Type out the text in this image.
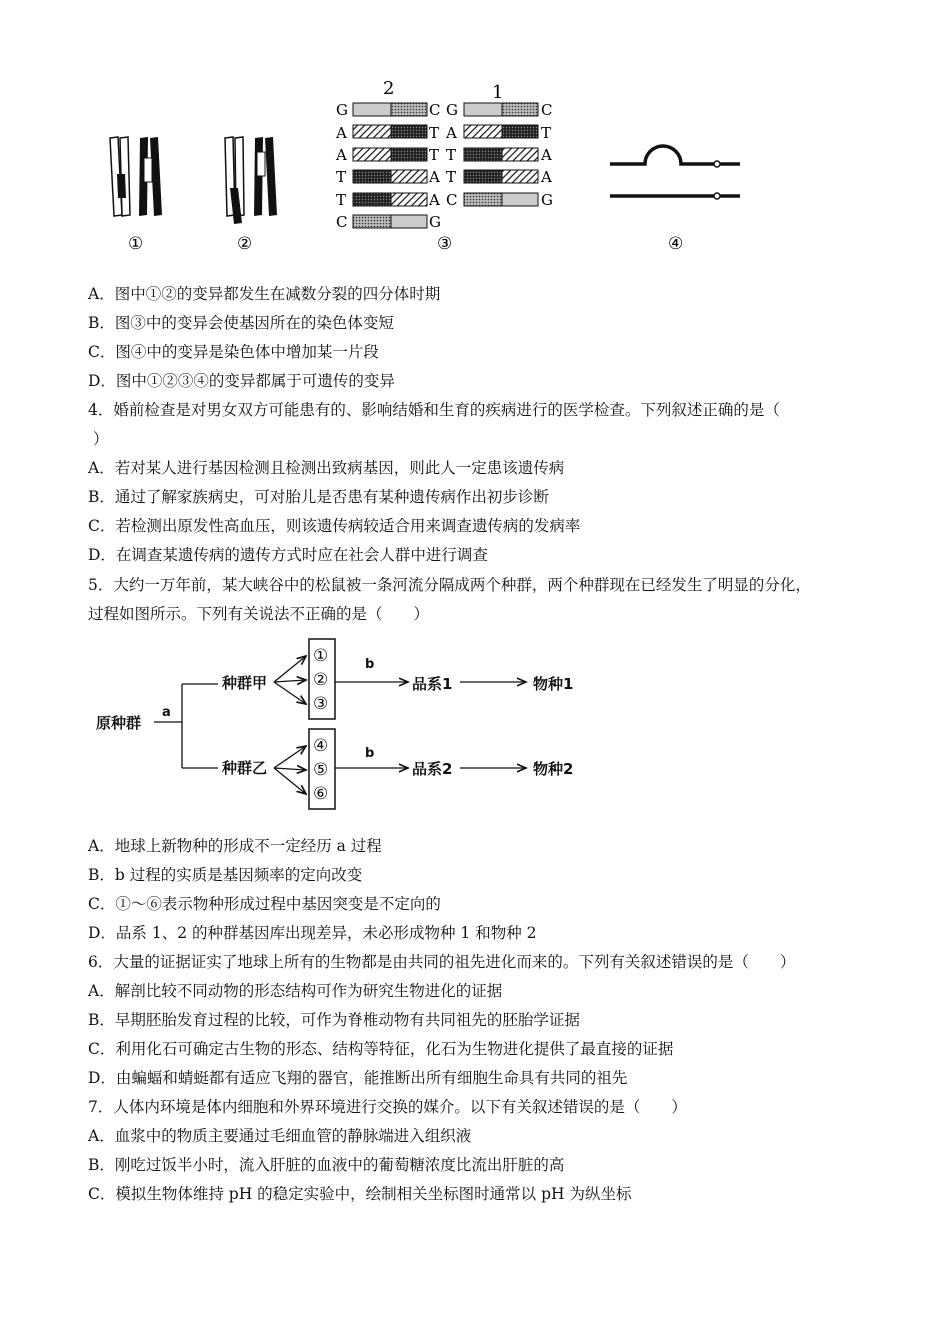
2	1
G
A
A
T
T
C
C
T
T
A
A
G
G
A
T
T
C
C
T
A
A
G
①	②	③	④
A．图中①②的变异都发生在减数分裂的四分体时期
B．图③中的变异会使基因所在的染色体变短
C．图④中的变异是染色体中增加某一片段
D．图中①②③④的变异都属于可遗传的变异
4．婚前检查是对男女双方可能患有的、影响结婚和生育的疾病进行的医学检查。下列叙述正确的是（
）
A．若对某人进行基因检测且检测出致病基因，则此人一定患该遗传病
B．通过了解家族病史，可对胎儿是否患有某种遗传病作出初步诊断
C．若检测出原发性高血压，则该遗传病较适合用来调查遗传病的发病率
D．在调查某遗传病的遗传方式时应在社会人群中进行调查
5．大约一万年前，某大峡谷中的松鼠被一条河流分隔成两个种群，两个种群现在已经发生了明显的分化，
过程如图所示。下列有关说法不正确的是（　　）
原种群
a
种群甲
种群乙
b
b
品系1
品系2
物种1
物种2
①
②
③
④
⑤
⑥
A．地球上新物种的形成不一定经历 a 过程
B．b 过程的实质是基因频率的定向改变
C．①～⑥表示物种形成过程中基因突变是不定向的
D．品系 1、2 的种群基因库出现差异，未必形成物种 1 和物种 2
6．大量的证据证实了地球上所有的生物都是由共同的祖先进化而来的。下列有关叙述错误的是（　　）
A．解剖比较不同动物的形态结构可作为研究生物进化的证据
B．早期胚胎发育过程的比较，可作为脊椎动物有共同祖先的胚胎学证据
C．利用化石可确定古生物的形态、结构等特征，化石为生物进化提供了最直接的证据
D．由蝙蝠和蜻蜓都有适应飞翔的器官，能推断出所有细胞生命具有共同的祖先
7．人体内环境是体内细胞和外界环境进行交换的媒介。以下有关叙述错误的是（　　）
A．血浆中的物质主要通过毛细血管的静脉端进入组织液
B．刚吃过饭半小时，流入肝脏的血液中的葡萄糖浓度比流出肝脏的高
C．模拟生物体维持 pH 的稳定实验中，绘制相关坐标图时通常以 pH 为纵坐标
